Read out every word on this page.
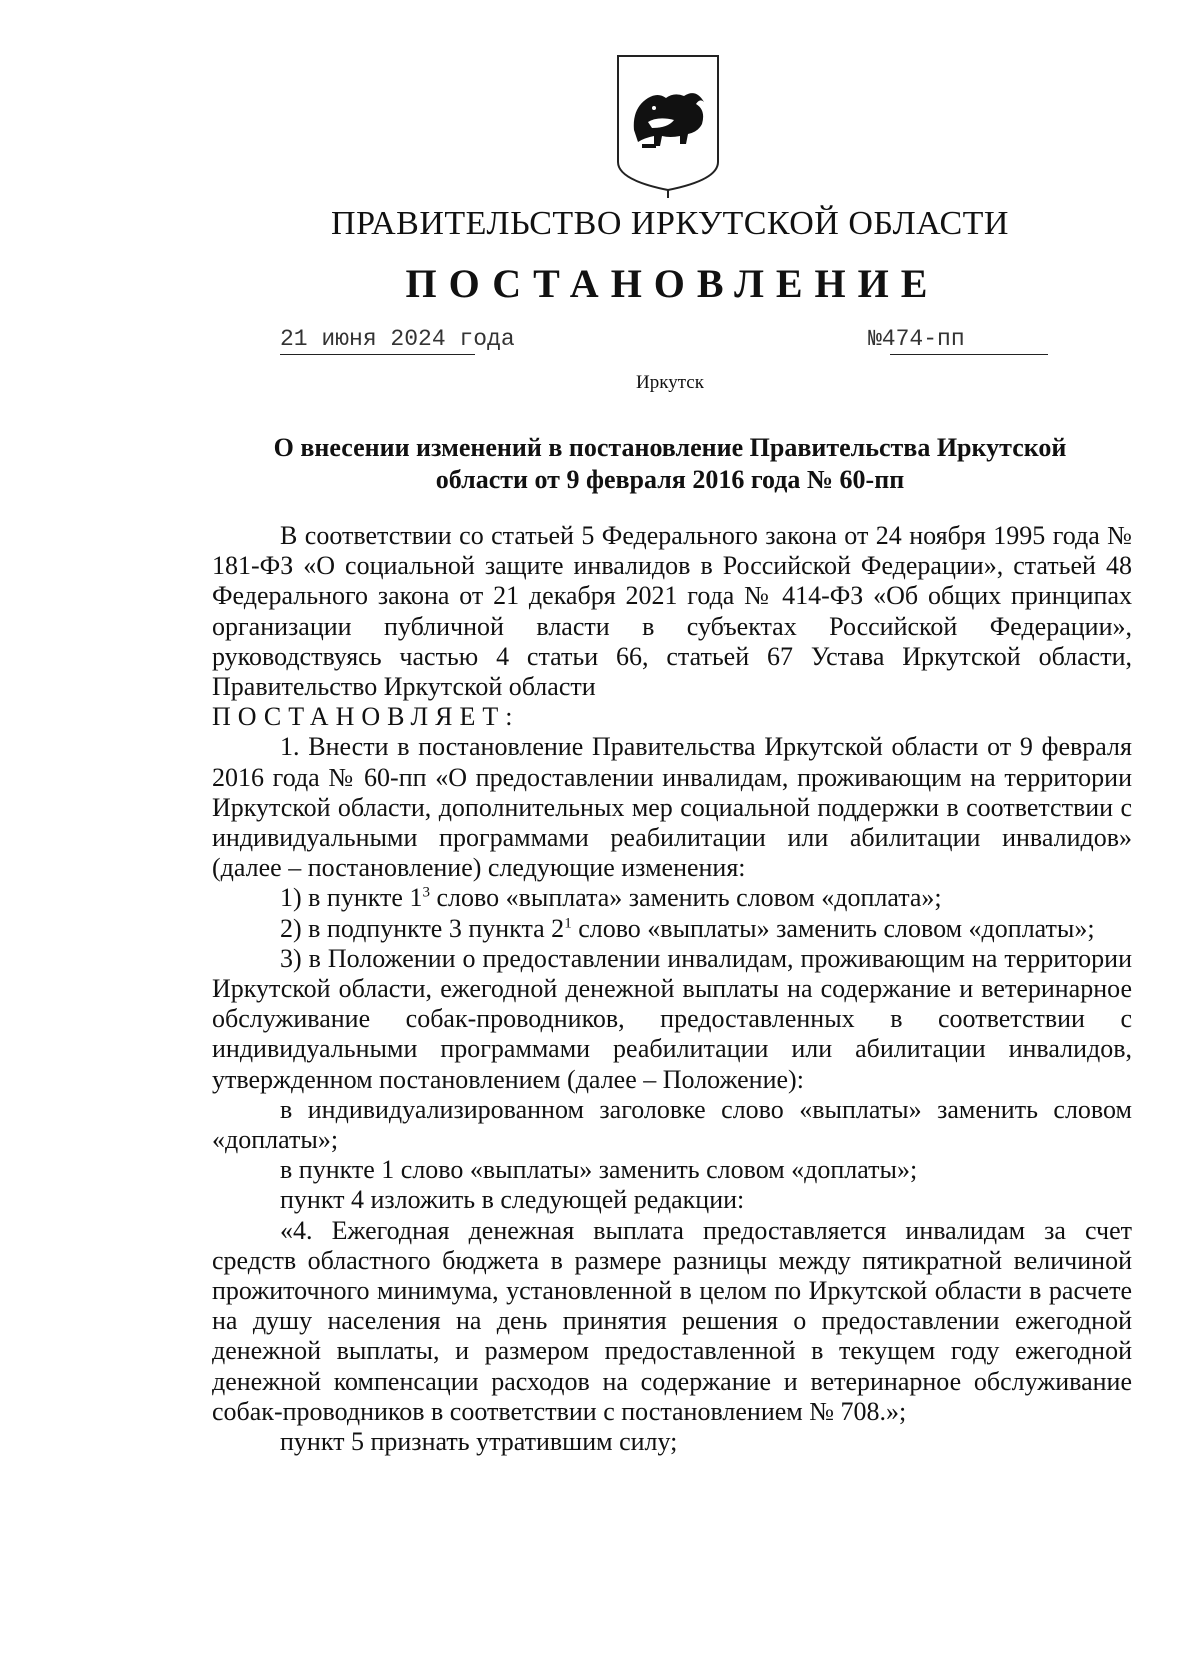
ПРАВИТЕЛЬСТВО ИРКУТСКОЙ ОБЛАСТИ
ПОСТАНОВЛЕНИЕ
21 июня 2024 года	№474-пп
Иркутск
О внесении изменений в постановление Правительства Иркутской
области от 9 февраля 2016 года № 60-пп

В соответствии со статьей 5 Федерального закона от 24 ноября 1995 года № 181-ФЗ «О социальной защите инвалидов в Российской Федерации», статьей 48 Федерального закона от 21 декабря 2021 года № 414-ФЗ «Об общих принципах организации публичной власти в субъектах Российской Федерации», руководствуясь частью 4 статьи 66, статьей 67 Устава Иркутской области, Правительство Иркутской области

ПОСТАНОВЛЯЕТ:

1. Внести в постановление Правительства Иркутской области от 9 февраля 2016 года № 60-пп «О предоставлении инвалидам, проживающим на территории Иркутской области, дополнительных мер социальной поддержки в соответствии с индивидуальными программами реабилитации или абилитации инвалидов» (далее – постановление) следующие изменения:

1) в пункте $1^3$ слово «выплата» заменить словом «доплата»;

2) в подпункте 3 пункта $2^1$ слово «выплаты» заменить словом «доплаты»;

3) в Положении о предоставлении инвалидам, проживающим на территории Иркутской области, ежегодной денежной выплаты на содержание и ветеринарное обслуживание собак-проводников, предоставленных в соответствии с индивидуальными программами реабилитации или абилитации инвалидов, утвержденном постановлением (далее – Положение):

в индивидуализированном заголовке слово «выплаты» заменить словом «доплаты»;

в пункте 1 слово «выплаты» заменить словом «доплаты»;

пункт 4 изложить в следующей редакции:

«4. Ежегодная денежная выплата предоставляется инвалидам за счет средств областного бюджета в размере разницы между пятикратной величиной прожиточного минимума, установленной в целом по Иркутской области в расчете на душу населения на день принятия решения о предоставлении ежегодной денежной выплаты, и размером предоставленной в текущем году ежегодной денежной компенсации расходов на содержание и ветеринарное обслуживание собак-проводников в соответствии с постановлением № 708.»;

пункт 5 признать утратившим силу;
